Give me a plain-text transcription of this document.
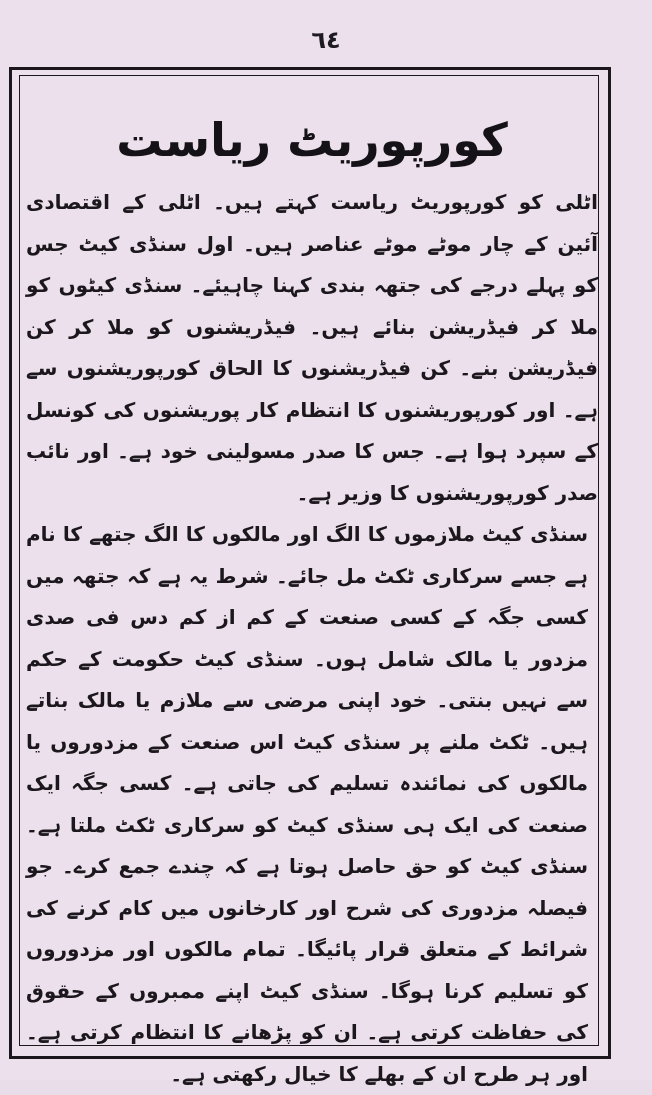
٦٤
کورپوریٹ ریاست

اٹلی کو کورپوریٹ ریاست کہتے ہیں۔ اٹلی کے اقتصادی آئین کے چار موٹے موٹے عناصر ہیں۔ اول سنڈی کیٹ جس کو پہلے درجے کی جتھہ بندی کہنا چاہیئے۔ سنڈی کیٹوں کو ملا کر فیڈریشن بنائے ہیں۔ فیڈریشنوں کو ملا کر کن فیڈریشن بنے۔ کن فیڈریشنوں کا الحاق کورپوریشنوں سے ہے۔ اور کورپوریشنوں کا انتظام کار پوریشنوں کی کونسل کے سپرد ہوا ہے۔ جس کا صدر مسولینی خود ہے۔ اور نائب صدر کورپوریشنوں کا وزیر ہے۔

سنڈی کیٹ ملازموں کا الگ اور مالکوں کا الگ جتھے کا نام ہے جسے سرکاری ٹکٹ مل جائے۔ شرط یہ ہے کہ جتھہ میں کسی جگہ کے کسی صنعت کے کم از کم دس فی صدی مزدور یا مالک شامل ہوں۔ سنڈی کیٹ حکومت کے حکم سے نہیں بنتی۔ خود اپنی مرضی سے ملازم یا مالک بناتے ہیں۔ ٹکٹ ملنے پر سنڈی کیٹ اس صنعت کے مزدوروں یا مالکوں کی نمائندہ تسلیم کی جاتی ہے۔ کسی جگہ ایک صنعت کی ایک ہی سنڈی کیٹ کو سرکاری ٹکٹ ملتا ہے۔ سنڈی کیٹ کو حق حاصل ہوتا ہے کہ چندے جمع کرے۔ جو فیصلہ مزدوری کی شرح اور کارخانوں میں کام کرنے کی شرائط کے متعلق قرار پائیگا۔ تمام مالکوں اور مزدوروں کو تسلیم کرنا ہوگا۔ سنڈی کیٹ اپنے ممبروں کے حقوق کی حفاظت کرتی ہے۔ ان کو پڑھانے کا انتظام کرتی ہے۔ اور ہر طرح ان کے بھلے کا خیال رکھتی ہے۔
